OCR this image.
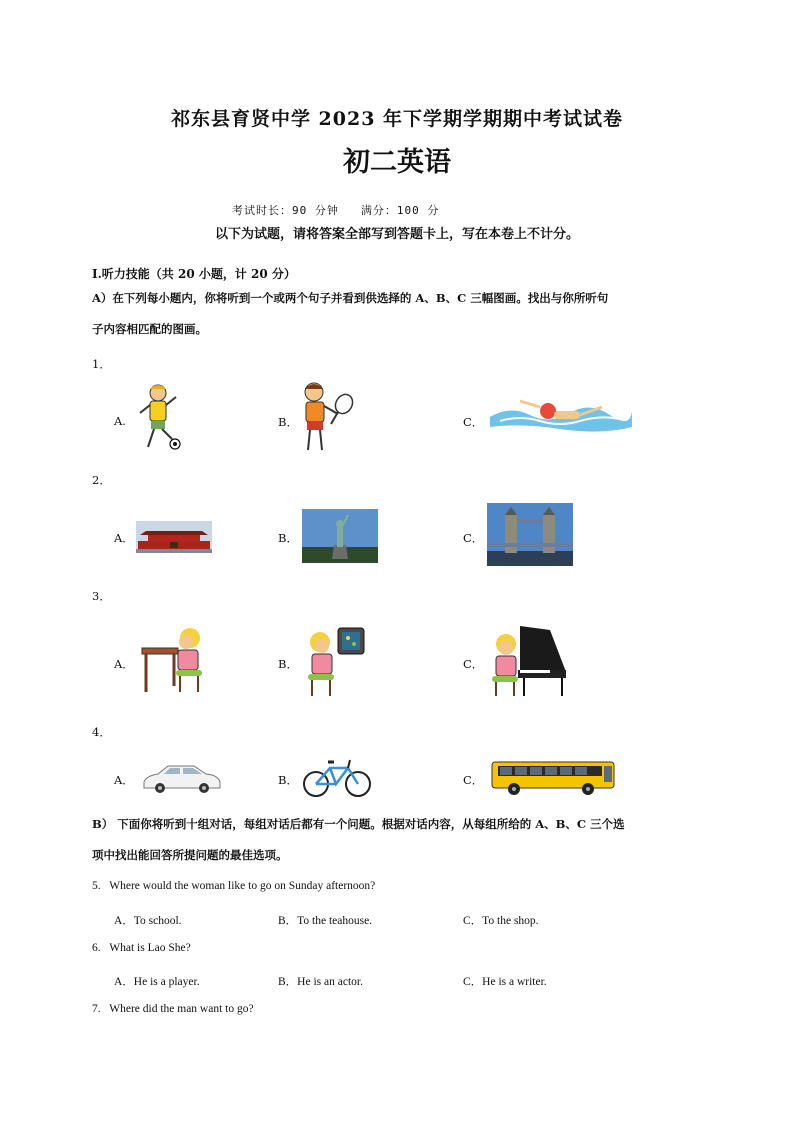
祁东县育贤中学 2023 年下学期学期期中考试试卷
初二英语
考试时长：90 分钟 满分：100 分
以下为试题，请将答案全部写到答题卡上，写在本卷上不计分。
Ⅰ.听力技能（共 20 小题，计 20 分）
A）在下列每小题内，你将听到一个或两个句子并看到供选择的 A、B、C 三幅图画。找出与你所听句
子内容相匹配的图画。
1．
A.	B．	C．
2．
A．	B．	C．
3．
A．	B．	C．
4．
A．	B．	C．
B） 下面你将听到十组对话，每组对话后都有一个问题。根据对话内容，从每组所给的 A、B、C 三个选
项中找出能回答所提问题的最佳选项。
5. Where would the woman like to go on Sunday afternoon?
A．To school.	B．To the teahouse.	C．To the shop.
6. What is Lao She?
A．He is a player.	B．He is an actor.	C．He is a writer.
7. Where did the man want to go?
